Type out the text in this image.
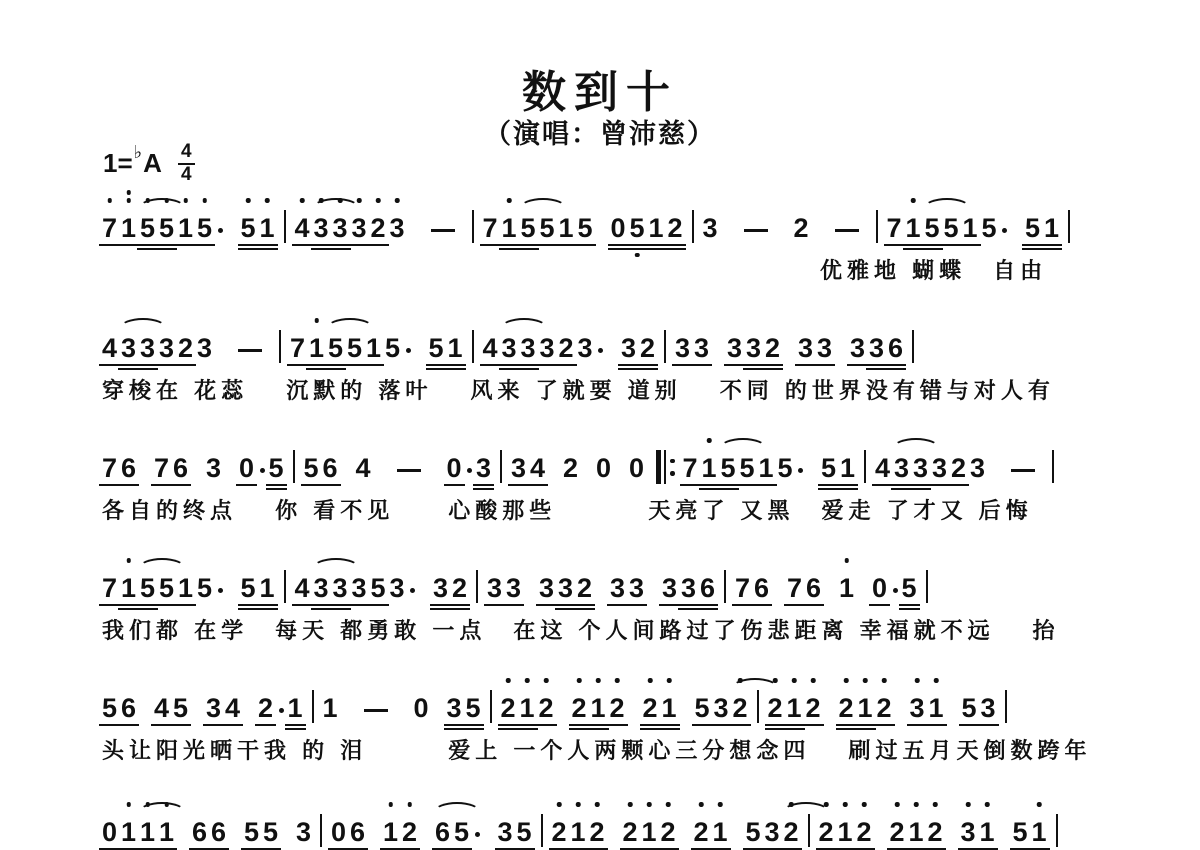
数到十
（演唱：曾沛慈）
1= ♭ A 4
4
7 1 5 5 1 5 5 1 4 3 3 3 2 3	7 1 5 5 1 5 0 5 1 2 3	2	7 1 5 5 1 5 5 1
优雅地 蝴蝶　自由
4 3 3 3 2 3	7 1 5 5 1 5 5 1 4 3 3 3 2 3 3 2 3 3 3 3 2 3 3 3 3 6
穿梭在 花蕊　 沉默的 落叶　 风来 了就要 道别　 不同 的世界没有错与对人有
7 6 7 6 3 0 5 5 6 4	0 3 3 4 2 0 0 7 1 5 5 1 5 5 1 4 3 3 3 2 3
各自的终点　 你 看不见　　心酸那些　　　 天亮了 又黑　爱走 了才又 后悔
7 1 5 5 1 5 5 1 4 3 3 3 5 3 3 2 3 3 3 3 2 3 3 3 3 6 7 6 7 6 1 0 5
我们都 在学　每天 都勇敢 一点　在这 个人间路过了伤悲距离 幸福就不远　 抬
5 6 4 5 3 4 2 1 1	0 3 5 2 1 2 2 1 2 2 1 5 3 2 2 1 2 2 1 2 3 1 5 3
头让阳光晒干我 的 泪　　　爱上 一个人两颗心三分想念四　 刷过五月天倒数跨年
0 1 1 1 6 6 5 5 3 0 6 1 2 6 5 3 5 2 1 2 2 1 2 2 1 5 3 2 2 1 2 2 1 2 3 1 5 1
